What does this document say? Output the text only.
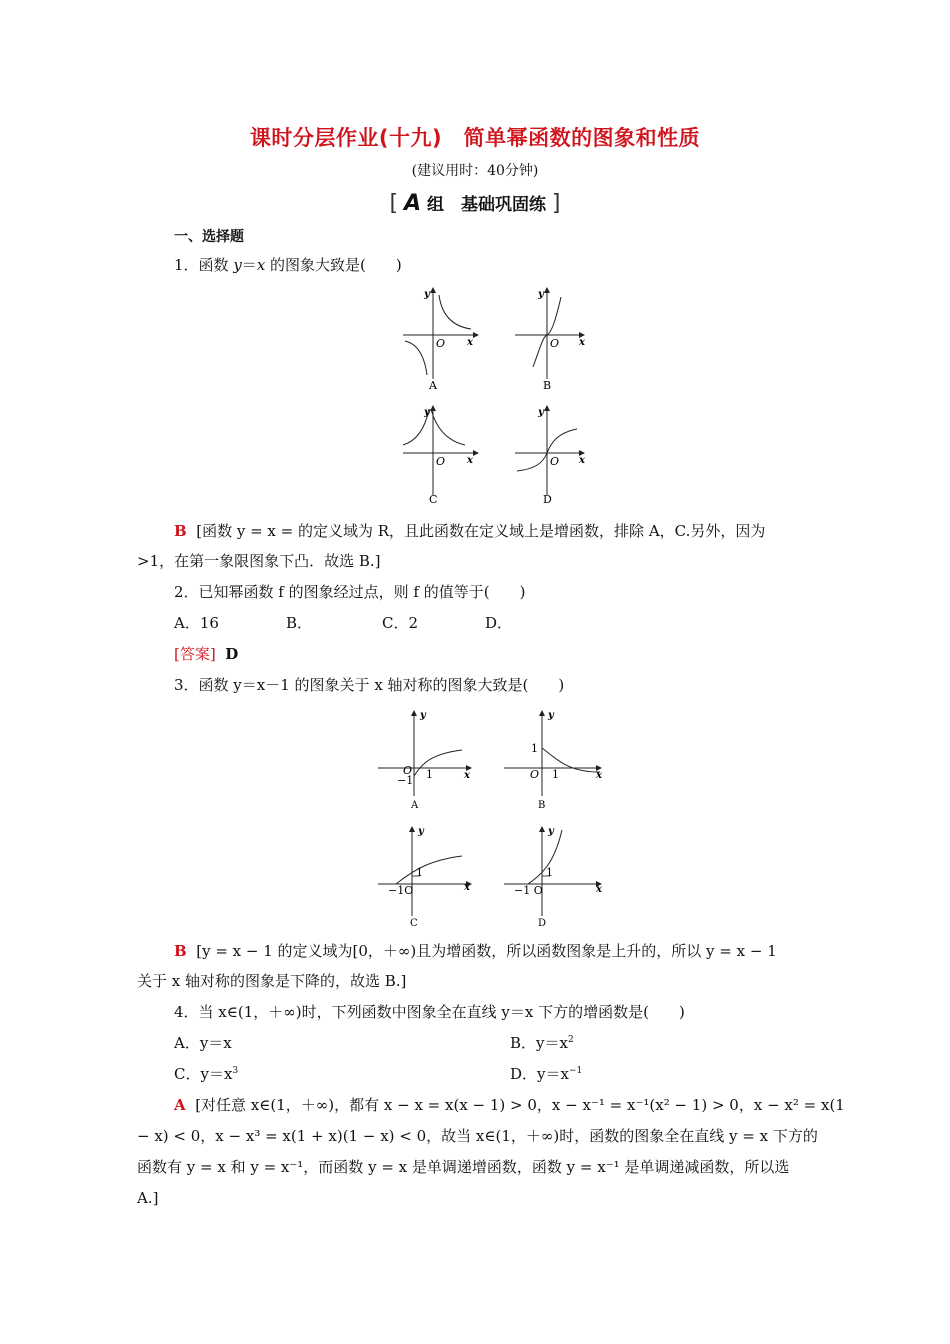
课时分层作业(十九)　简单幂函数的图象和性质
(建议用时：40分钟)
[ A 组　基础巩固练 ]
一、选择题
1．函数 y＝x 的图象大致是(　　)
y
x
O
A
y
x
O
B
y
x
O
C
y
x
O
D
B [函数 y = x = 的定义域为 R，且此函数在定义域上是增函数，排除 A，C.另外，因为
>1，在第一象限图象下凸．故选 B.]
2．已知幂函数 f 的图象经过点，则 f 的值等于(　　)
A．16	B．	C．2	D．
[答案] D
3．函数 y＝x－1 的图象关于 x 轴对称的图象大致是(　　)
y
x
O 1
−1
A
y
x
1
O 1
B
y
x
1
−1O
C
y
x
1
−1 O
D
B [y = x − 1 的定义域为[0，＋∞)且为增函数，所以函数图象是上升的，所以 y = x − 1
关于 x 轴对称的图象是下降的，故选 B.]
4．当 x∈(1，＋∞)时，下列函数中图象全在直线 y＝x 下方的增函数是(　　)
A．y＝x	B．$y=x^2$
C．$y=x^3$	D．$y=x^{-1}$
A [对任意 x∈(1，＋∞)，都有 x − x = x(x − 1) > 0，x − x⁻¹ = x⁻¹(x² − 1) > 0，x − x² = x(1
− x) < 0，x − x³ = x(1 + x)(1 − x) < 0，故当 x∈(1，＋∞)时，函数的图象全在直线 y = x 下方的
函数有 y = x 和 y = x⁻¹，而函数 y = x 是单调递增函数，函数 y = x⁻¹ 是单调递减函数，所以选
A.]
